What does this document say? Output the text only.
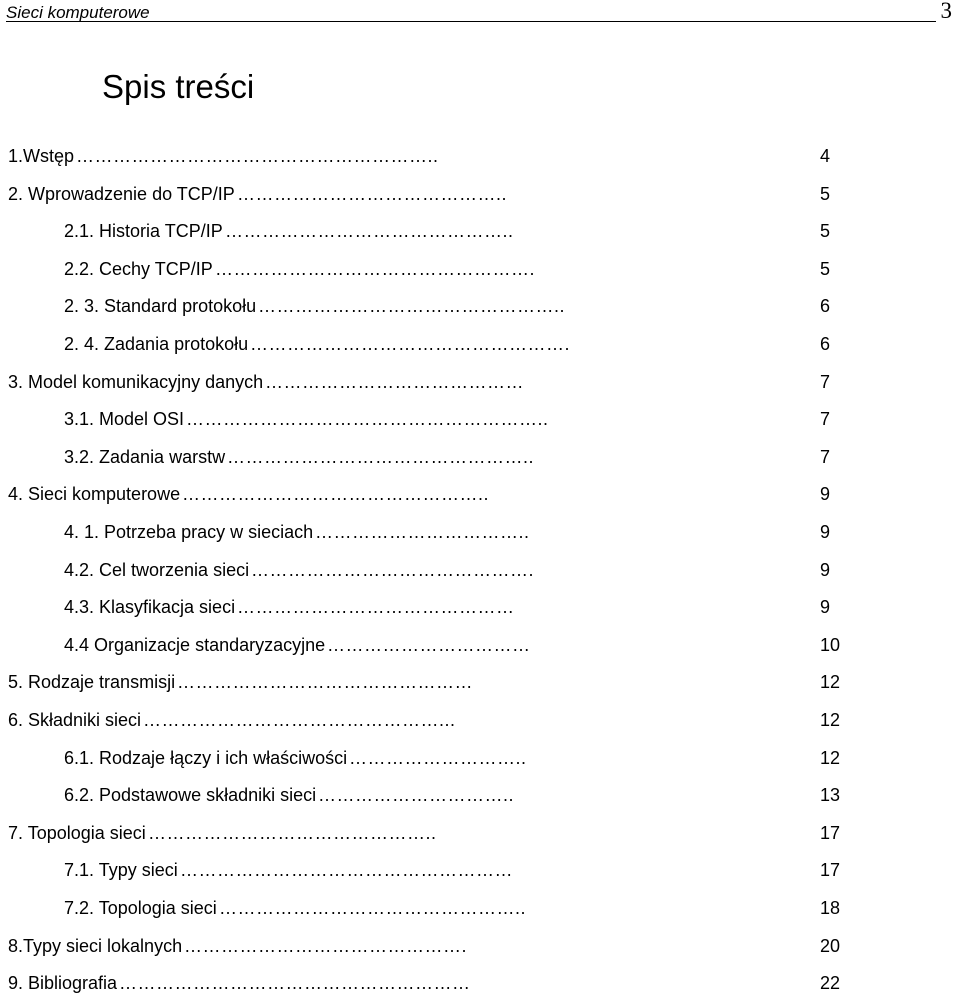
Sieci komputerowe	3
Spis treści
1.Wstęp …………………………………………………..	4
2. Wprowadzenie do TCP/IP ……………………………………..	5
2.1. Historia TCP/IP ………………………………………..	5
2.2. Cechy TCP/IP …………………………………………….	5
2. 3. Standard protokołu …………………………………………..	6
2. 4. Zadania protokołu …………………………………………….	6
3. Model komunikacyjny danych ……………………………………	7
3.1. Model OSI …………………………………………………..	7
3.2. Zadania warstw …………………………………………..	7
4. Sieci komputerowe …………………………………………..	9
4. 1. Potrzeba pracy w sieciach ……………………………..	9
4.2. Cel tworzenia sieci ……………………………………….	9
4.3. Klasyfikacja sieci ………………………………………	9
4.4 Organizacje standaryzacyjne ……………………………	10
5. Rodzaje transmisji …………………………………………	12
6. Składniki sieci …………………………………………...	12
6.1. Rodzaje łączy i ich właściwości ………………………..	12
6.2. Podstawowe składniki sieci …………………………..	13
7. Topologia sieci ………………………………………..	17
7.1. Typy sieci ………………………………………………	17
7.2. Topologia sieci …………………………………………..	18
8.Typy sieci lokalnych ……………………………………….	20
9. Bibliografia …………………………………………………	22
